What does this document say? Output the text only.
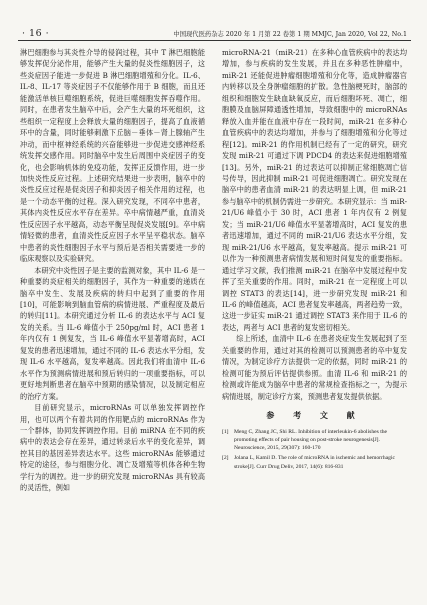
· 16 ·	中国现代医药杂志 2020 年 1 月第 22 卷第 1 期 MMJC, Jan 2020, Vol 22, No.1

淋巴细胞参与其炎性介导的侵润过程，其中 T 淋巴细胞能够发挥促分泌作用，能够产生大量的促炎性细胞因子，这些炎症因子能进一步促进 B 淋巴细胞增殖和分化。IL-6、IL-8、IL-17 等炎症因子不仅能够作用于 B 细胞，而且还能激活单核巨噬细胞系统，促进巨噬细胞发挥吞噬作用。同时，在患者发生脑卒中后，会产生大量的坏死组织，这些组织一定程度上会释放大量的细胞因子，提高了血液循环中的含量，同时能够刺激下丘脑－垂体－肾上腺轴产生冲动，而中枢神经系统的兴奋能够进一步促进交感神经系统发挥交感作用。同时脑卒中发生后周围中炎症因子的变化，也会影响机体的免疫功能，发挥正反馈作用，进一步加快炎性反应过程。上述研究结果进一步表明，脑卒中的炎性反应过程是促炎因子和抑炎因子相关作用的过程，也是一个动态平衡的过程。深入研究发现，不同卒中患者，其体内炎性反应水平存在差异。卒中病情越严重，血清炎性反应因子水平越高，动态平衡呈现促炎发展[9]。卒中病情轻微的患者，血清炎性反应因子水平呈平稳状态。脑卒中患者的炎性细胞因子水平与预后是否相关需要进一步的临床观察以及实验研究。

本研究中炎性因子是主要的监测对象，其中 IL-6 是一种重要的炎症相关的细胞因子，其作为一种重要的递质在脑卒中发生、发展及疾病的转归中起到了重要的作用[10]，可能影响到脑血管病的病情进展、严重程度及最后的转归[11]。本研究通过分析 IL-6 的表达水平与 ACI 复发的关系。当 IL-6 峰值小于 250pg/ml 时，ACI 患者 1 年内仅有 1 例复发，当 IL-6 峰值水平显著增高时，ACI 复发的患者迅速增加，通过不同的 IL-6 表达水平分组，发现 IL-6 水平越高，复发率越高。因此我们将血清中 IL-6 水平作为预测病情进展和预后转归的一项重要指标，可以更好地判断患者在脑卒中预期的感染情况，以及制定相应的治疗方案。

目前研究显示，microRNAs 可以单独发挥调控作用，也可以两个有着共同的作用靶点的 microRNAs 作为一个群体，协同发挥调控作用。目前 miRNA 在不同的疾病中的表达会存在差异，通过转录后水平的变化差异，调控其目的基因差异表达水平。这些 microRNAs 能够通过特定的途径，参与细胞分化、凋亡及增殖等机体各种生物学行为的调控。进一步的研究发现 microRNAs 具有较高的灵活性，例如

microRNA-21（miR-21）在多种心血管疾病中的表达均增加，参与疾病的发生发展，并且在多种恶性肿瘤中，miR-21 还能促进肿瘤细胞增殖和分化等，造成肿瘤器官内转移以及全身肿瘤细胞的扩散。急性脑梗死时，脑部的组织和细胞发生缺血缺氧反应，而后细胞坏死、凋亡，细胞膜及血脑屏障通透性增加，导致细胞中的 microRNAs 释放入血并能在血液中存在一段时间，miR-21 在多种心血管疾病中的表达均增加，并参与了细胞增殖和分化等过程[12]。miR-21 的作用机制已经有了一定的研究，研究发现 miR-21 可通过下调 PDCD4 的表达来促进细胞增殖[13]。另外，miR-21 的过表达可以抑制正常细胞凋亡信号传导，因此抑制 miR-21 可促进细胞凋亡。研究发现在脑卒中的患者血清 miR-21 的表达明显上调，但 miR-21 参与脑卒中的机制仍需进一步研究。本研究显示：当 miR-21/U6 峰值小于 30 时，ACI 患者 1 年内仅有 2 例复发；当 miR-21/U6 峰值水平显著增高时，ACI 复发的患者迅速增加，通过不同的 miR-21/U6 表达水平分组，发现 miR-21/U6 水平越高，复发率越高。提示 miR-21 可以作为一种预测患者病情发展和短时间复发的重要指标。通过学习文献，我们推测 miR-21 在脑卒中发展过程中发挥了至关重要的作用。同时，miR-21 在一定程度上可以调控 STAT3 的表达[14]，进一步研究发现 miR-21 和 IL-6 的峰值越高，ACI 患者复发率越高，两者趋势一致，这进一步证实 miR-21 通过调控 STAT3 来作用于 IL-6 的表达，两者与 ACI 患者的复发密切相关。

综上所述，血清中 IL-6 在患者炎症发生发展起到了至关重要的作用，通过对其的检测可以预测患者的卒中复发情况，为制定诊疗方法提供一定的依据，同时 miR-21 的检测可能为预后评估提供参照。血清 IL-6 和 miR-21 的检测或许能成为脑卒中患者的常规检查指标之一，为提示病情进展，制定诊疗方案，预测患者复发提供依据。

参 考 文 献
[1] Meng C, Zhang JC, Shi RL. Inhibition of interleukin-6 abolishes the promoting effects of pair housing on post-stroke neurogenesis[J]. Neuroscience, 2015, 29(307): 160-170
[2] Jolana L, Kamil D. The role of microRNA in ischemic and hemorrhagic stroke[J]. Curr Drug Deliv, 2017, 14(6): 816-831
